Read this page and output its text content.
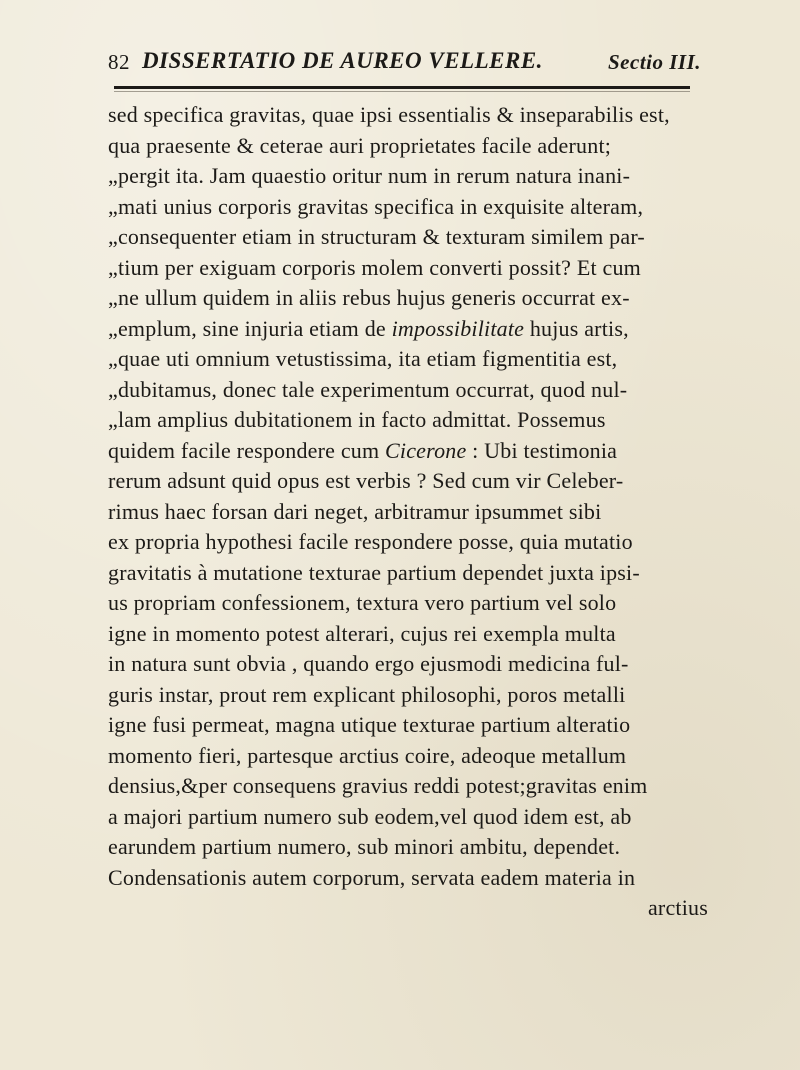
82 DISSERTATIO DE AUREO VELLERE.	Sectio III.
sed specifica gravitas, quae ipsi essentialis & inseparabilis est,
qua praesente & ceterae auri proprietates facile aderunt;
„pergit ita. Jam quaestio oritur num in rerum natura inani-
„mati unius corporis gravitas specifica in exquisite alteram,
„consequenter etiam in structuram & texturam similem par-
„tium per exiguam corporis molem converti possit? Et cum
„ne ullum quidem in aliis rebus hujus generis occurrat ex-
„emplum, sine injuria etiam de impossibilitate hujus artis,
„quae uti omnium vetustissima, ita etiam figmentitia est,
„dubitamus, donec tale experimentum occurrat, quod nul-
„lam amplius dubitationem in facto admittat. Possemus
quidem facile respondere cum Cicerone : Ubi testimonia
rerum adsunt quid opus est verbis ? Sed cum vir Celeber-
rimus haec forsan dari neget, arbitramur ipsummet sibi
ex propria hypothesi facile respondere posse, quia mutatio
gravitatis à mutatione texturae partium dependet juxta ipsi-
us propriam confessionem, textura vero partium vel solo
igne in momento potest alterari, cujus rei exempla multa
in natura sunt obvia , quando ergo ejusmodi medicina ful-
guris instar, prout rem explicant philosophi, poros metalli
igne fusi permeat, magna utique texturae partium alteratio
momento fieri, partesque arctius coire, adeoque metallum
densius,&per consequens gravius reddi potest;gravitas enim
a majori partium numero sub eodem,vel quod idem est, ab
earundem partium numero, sub minori ambitu, dependet.
Condensationis autem corporum, servata eadem materia in
arctius
